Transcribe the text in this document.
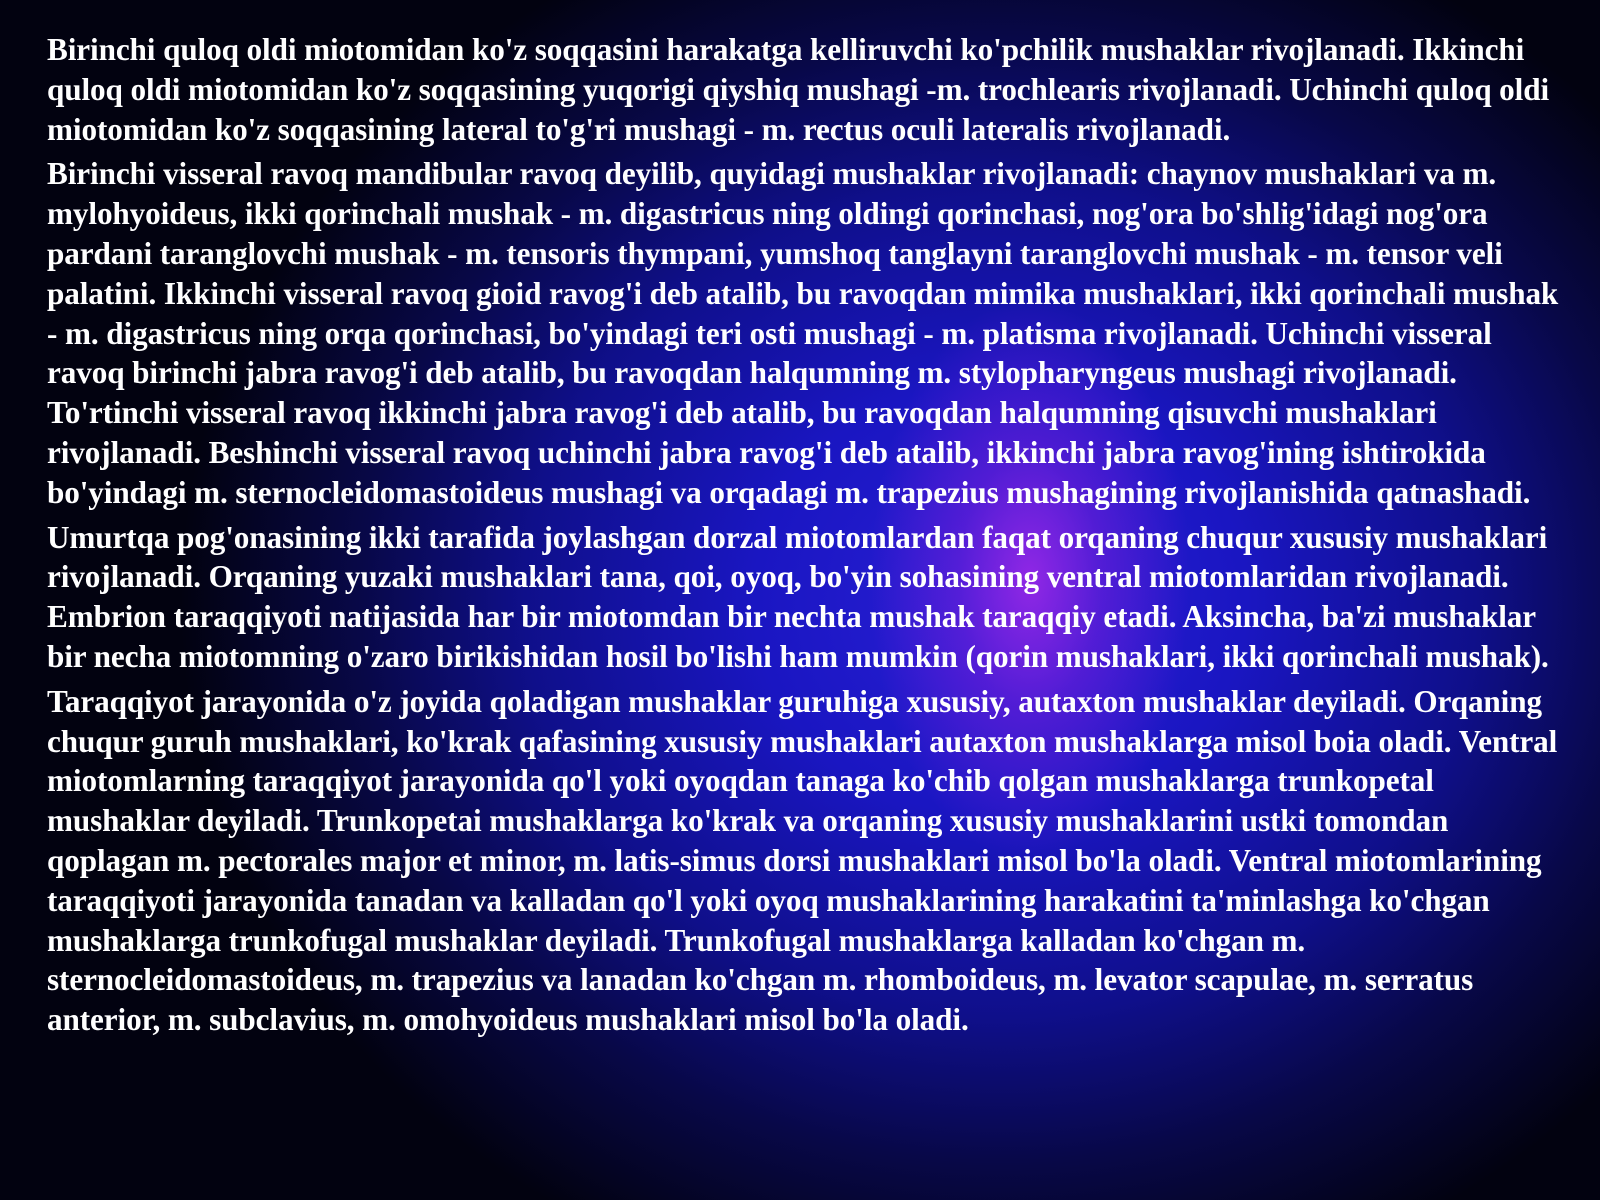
Birinchi quloq oldi miotomidan ko'z soqqasini harakatga kelliruvchi ko'pchilik mushaklar rivojlanadi. Ikkinchi quloq oldi miotomidan ko'z soqqasining yuqorigi qiyshiq mushagi -m. trochlearis rivojlanadi. Uchinchi quloq oldi miotomidan ko'z soqqasining lateral to'g'ri mushagi - m. rectus oculi lateralis rivojlanadi.

Birinchi visseral ravoq mandibular ravoq deyilib, quyidagi mushaklar rivojlanadi: chaynov mushaklari va m. mylohyoideus, ikki qorinchali mushak - m. digastricus ning oldingi qorinchasi, nog'ora bo'shlig'idagi nog'ora pardani taranglovchi mushak - m. tensoris thympani, yumshoq tanglayni taranglovchi mushak - m. tensor veli palatini. Ikkinchi visseral ravoq gioid ravog'i deb atalib, bu ravoqdan mimika mushaklari, ikki qorinchali mushak - m. digastricus ning orqa qorinchasi, bo'yindagi teri osti mushagi - m. platisma rivojlanadi. Uchinchi visseral ravoq birinchi jabra ravog'i deb atalib, bu ravoqdan halqumning m. stylopharyngeus mushagi rivojlanadi. To'rtinchi visseral ravoq ikkinchi jabra ravog'i deb atalib, bu ravoqdan halqumning qisuvchi mushaklari rivojlanadi. Beshinchi visseral ravoq uchinchi jabra ravog'i deb atalib, ikkinchi jabra ravog'ining ishtirokida bo'yindagi m. sternocleidomastoideus mushagi va orqadagi m. trapezius mushagining rivojlanishida qatnashadi.

Umurtqa pog'onasining ikki tarafida joylashgan dorzal miotomlardan faqat orqaning chuqur xususiy mushaklari rivojlanadi. Orqaning yuzaki mushaklari tana, qoi, oyoq, bo'yin sohasining ventral miotomlaridan rivojlanadi. Embrion taraqqiyoti natijasida har bir miotomdan bir nechta mushak taraqqiy etadi. Aksincha, ba'zi mushaklar bir necha miotomning o'zaro birikishidan hosil bo'lishi ham mumkin (qorin mushaklari, ikki qorinchali mushak).

Taraqqiyot jarayonida o'z joyida qoladigan mushaklar guruhiga xususiy, autaxton mushaklar deyiladi. Orqaning chuqur guruh mushaklari, ko'krak qafasining xususiy mushaklari autaxton mushaklarga misol boia oladi. Ventral miotomlarning taraqqiyot jarayonida qo'l yoki oyoqdan tanaga ko'chib qolgan mushaklarga trunkopetal mushaklar deyiladi. Trunkopetai mushaklarga ko'krak va orqaning xususiy mushaklarini ustki tomondan qoplagan m. pectorales major et minor, m. latis-simus dorsi mushaklari misol bo'la oladi. Ventral miotomlarining taraqqiyoti jarayonida tanadan va kalladan qo'l yoki oyoq mushaklarining harakatini ta'minlashga ko'chgan mushaklarga trunkofugal mushaklar deyiladi. Trunkofugal mushaklarga kalladan ko'chgan m. sternocleidomastoideus, m. trapezius va lanadan ko'chgan m. rhomboideus, m. levator scapulae, m. serratus anterior, m. subclavius, m. omohyoideus mushaklari misol bo'la oladi.
